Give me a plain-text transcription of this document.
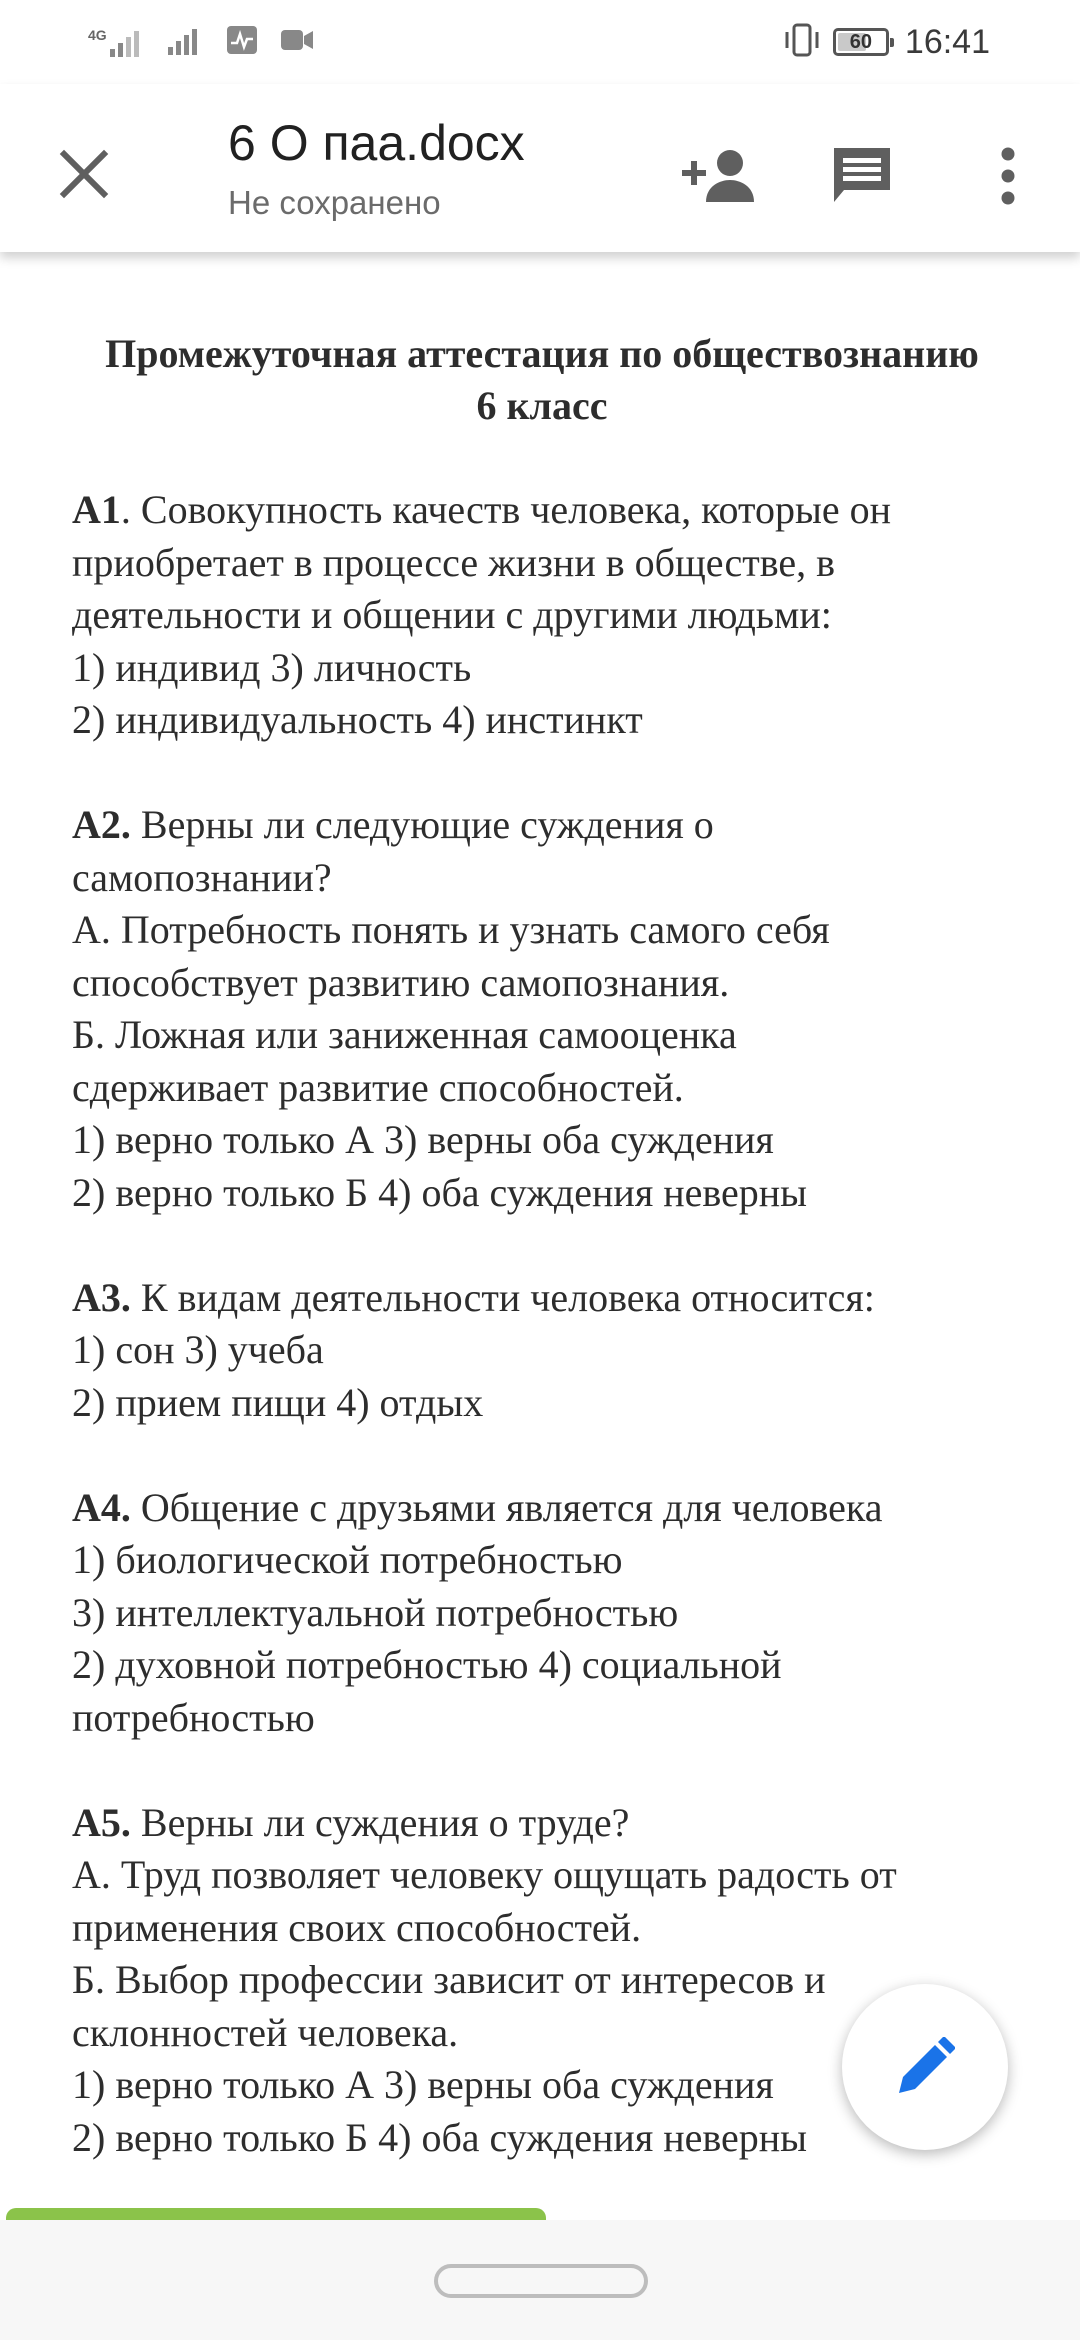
4G	60 16:41
6 О паа.docx
Не сохранено
Промежуточная аттестация по обществознанию
6 класс
А1. Совокупность качеств человека, которые он
приобретает в процессе жизни в обществе, в
деятельности и общении с другими людьми:
1) индивид 3) личность
2) индивидуальность 4) инстинкт
А2. Верны ли следующие суждения о
самопознании?
А. Потребность понять и узнать самого себя
способствует развитию самопознания.
Б. Ложная или заниженная самооценка
сдерживает развитие способностей.
1) верно только А 3) верны оба суждения
2) верно только Б 4) оба суждения неверны
А3. К видам деятельности человека относится:
1) сон 3) учеба
2) прием пищи 4) отдых
А4. Общение с друзьями является для человека
1) биологической потребностью
3) интеллектуальной потребностью
2) духовной потребностью 4) социальной
потребностью
А5. Верны ли суждения о труде?
А. Труд позволяет человеку ощущать радость от
применения своих способностей.
Б. Выбор профессии зависит от интересов и
склонностей человека.
1) верно только А 3) верны оба суждения
2) верно только Б 4) оба суждения неверны
